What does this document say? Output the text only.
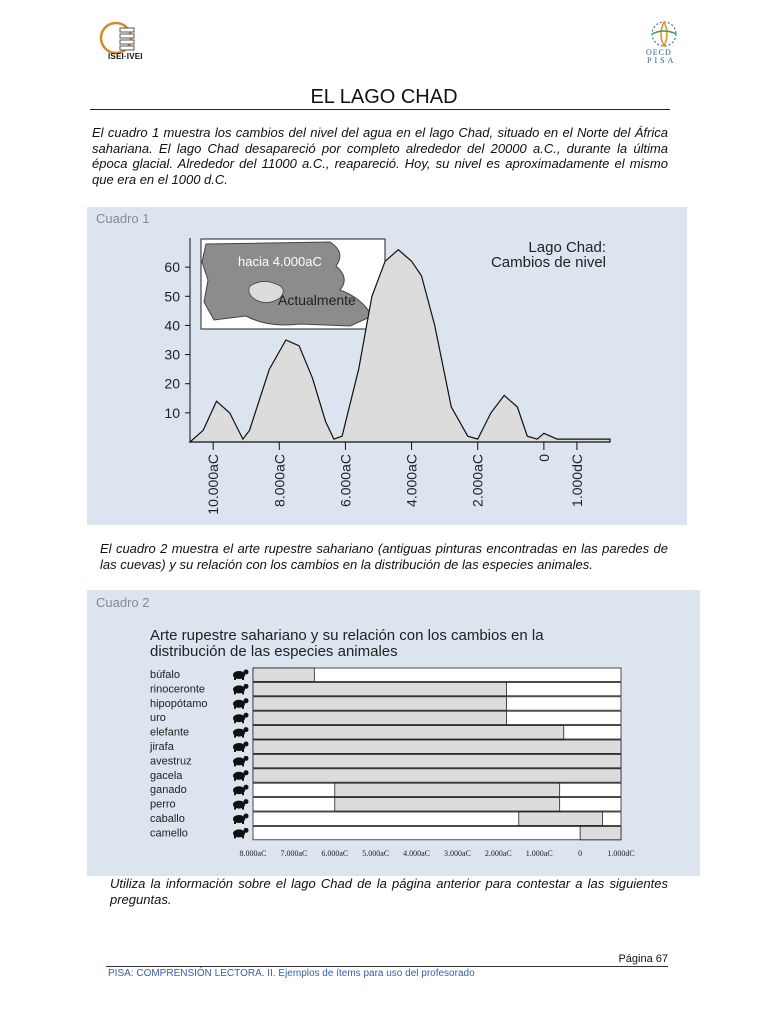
ISEI·IVEI	OECD
PISA
EL LAGO CHAD
El cuadro 1 muestra los cambios del nivel del agua en el lago Chad, situado en el Norte del África sahariana. El lago Chad desapareció por completo alrededor del 20000 a.C., durante la última época glacial. Alrededor del 11000 a.C., reapareció. Hoy, su nivel es aproximadamente el mismo que era en el 1000 d.C.
Cuadro 1
hacia 4.000aC
Actualmente
10
20
30
40
50
60
10.000aC	8.000aC	6.000aC	4.000aC	2.000aC	0 1.000dC
Lago Chad:
Cambios de nivel
El cuadro 2 muestra el arte rupestre sahariano (antiguas pinturas encontradas en las paredes de las cuevas) y su relación con los cambios en la distribución de las especies animales.
Cuadro 2
Arte rupestre sahariano y su relación con los cambios en la
distribución de las especies animales
búfalo
rinoceronte
hipopótamo
uro
elefante
jirafa
avestruz
gacela
ganado
perro
caballo
camello
8.000aC 7.000aC 6.000aC 5.000aC 4.000aC 3.000aC 2.000aC 1.000aC	0	1.000dC
Utiliza la información sobre el lago Chad de la página anterior para contestar a las siguientes preguntas.
Página 67
PISA: COMPRENSIÓN LECTORA. II. Ejemplos de ítems para uso del profesorado
